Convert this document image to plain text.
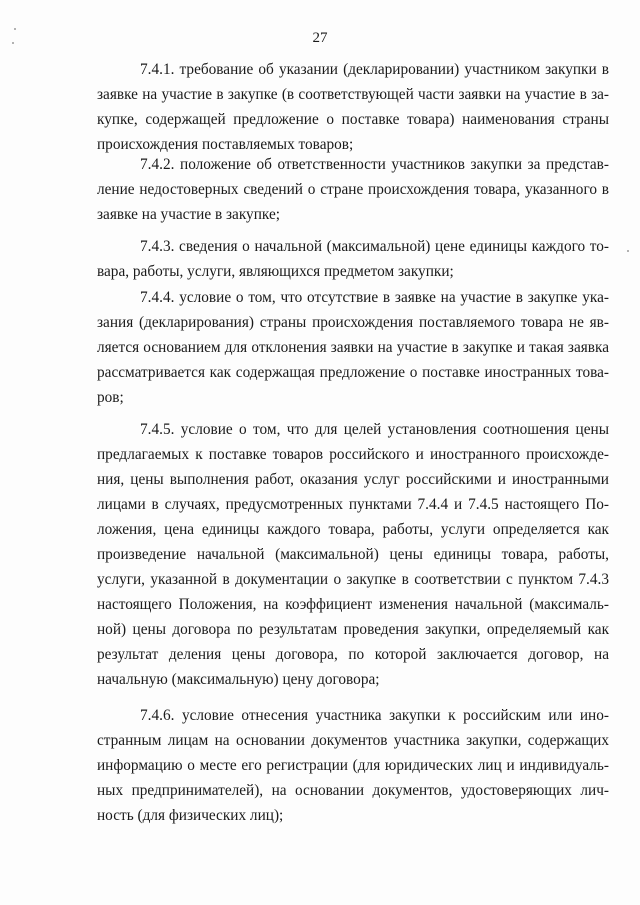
27
7.4.1. требование об указании (декларировании) участником закупки в
заявке на участие в закупке (в соответствующей части заявки на участие в за-
купке, содержащей предложение о поставке товара) наименования страны
происхождения поставляемых товаров;
7.4.2. положение об ответственности участников закупки за представ-
ление недостоверных сведений о стране происхождения товара, указанного в
заявке на участие в закупке;
7.4.3. сведения о начальной (максимальной) цене единицы каждого то-
вара, работы, услуги, являющихся предметом закупки;
7.4.4. условие о том, что отсутствие в заявке на участие в закупке ука-
зания (декларирования) страны происхождения поставляемого товара не яв-
ляется основанием для отклонения заявки на участие в закупке и такая заявка
рассматривается как содержащая предложение о поставке иностранных това-
ров;
7.4.5. условие о том, что для целей установления соотношения цены
предлагаемых к поставке товаров российского и иностранного происхожде-
ния, цены выполнения работ, оказания услуг российскими и иностранными
лицами в случаях, предусмотренных пунктами 7.4.4 и 7.4.5 настоящего По-
ложения, цена единицы каждого товара, работы, услуги определяется как
произведение начальной (максимальной) цены единицы товара, работы,
услуги, указанной в документации о закупке в соответствии с пунктом 7.4.3
настоящего Положения, на коэффициент изменения начальной (максималь-
ной) цены договора по результатам проведения закупки, определяемый как
результат деления цены договора, по которой заключается договор, на
начальную (максимальную) цену договора;
7.4.6. условие отнесения участника закупки к российским или ино-
странным лицам на основании документов участника закупки, содержащих
информацию о месте его регистрации (для юридических лиц и индивидуаль-
ных предпринимателей), на основании документов, удостоверяющих лич-
ность (для физических лиц);
